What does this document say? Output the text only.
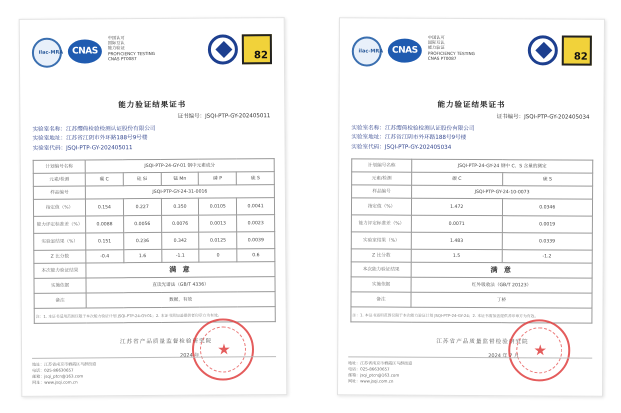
ilac-MRA CNAS
中国认可
国际互认
能力验证
PROFICIENCY TESTING
CNAS PT0087	82
能力验证结果证书
证书编号：JSQI-PTP-GY-202405011
实验室名称：江苏缨倚检验检测认证股份有限公司
实验室地址：江苏省江阴市外环路188号9号楼
实验室代码：JSQI-PTP-GY-202405011
计划编号名称	JSQI-PTP-24-GY-01 钢中元素成分				
元素/检测	碳 C	硅 Si	锰 Mn	磷 P	硫 S
样品编号	JSQI-PTP-GY-24-31-0016				
指定值（%）	0.154	0.227	0.350	0.0105	0.0041
能力评定标准差（%）	0.0088	0.0056	0.0076	0.0013	0.0023
实验室结果（%）	0.151	0.236	0.342	0.0125	0.0039
Z 比分数	-0.4	1.6	-1.1	0	0.6
本次能力验证结果	满 意				
实施依据	直读光谱法（GB/T 4336）				
备注	数据，有效				
注：1. 本证书适用范围仅限于本次能力验证计划 JSQI-PTP-24-GY-01；2. 本证书需加盖提供者印章方为有效。					
江苏省产品质量监督检验研究院
2024 年
地址：江苏省南京市栖霞区马群街道
电话：025-86630657
邮箱：jsqi_ptcn@163.com
网址：www.jsqi.com.cn
ilac-MRA CNAS
中国认可
国际互认
能力验证
PROFICIENCY TESTING
CNAS PT0087	82
能力验证结果证书
证书编号：JSQI-PTP-GY-202405034
实验室名称：江苏缨倚检验检测认证股份有限公司
实验室地址：江苏省江阴市外环路188号9号楼
实验室代码：JSQI-PTP-GY-202405034
计划编号名称	JSQI-PTP-24-GY-24 钢中 C、S 含量的测定	
元素/检测	碳 C	硫 S
样品编号	JSQI-PTP-GY-24-10-0073	
指定值（%）	1.472	0.0346
能力评定标准差（%）	0.0071	0.0019
实验室结果（%）	1.483	0.0339
Z 比分数	1.5	-1.2
本次能力验证结果	满 意	
实施依据	红外吸收法（GB/T 20123）	
备注	丁桥	
注：1. 本证书适用范围仅限于本次能力验证计划 JSQI-PTP-24-GY-24；2. 本证书需加盖提供者印章方为有效。		
江苏省产品质量监督检验研究院
2024 年 7 月
地址：江苏省南京市栖霞区马群街道
电话：025-86630657
邮箱：jsqi_ptcn@163.com
网址：www.jsqi.com.cn
